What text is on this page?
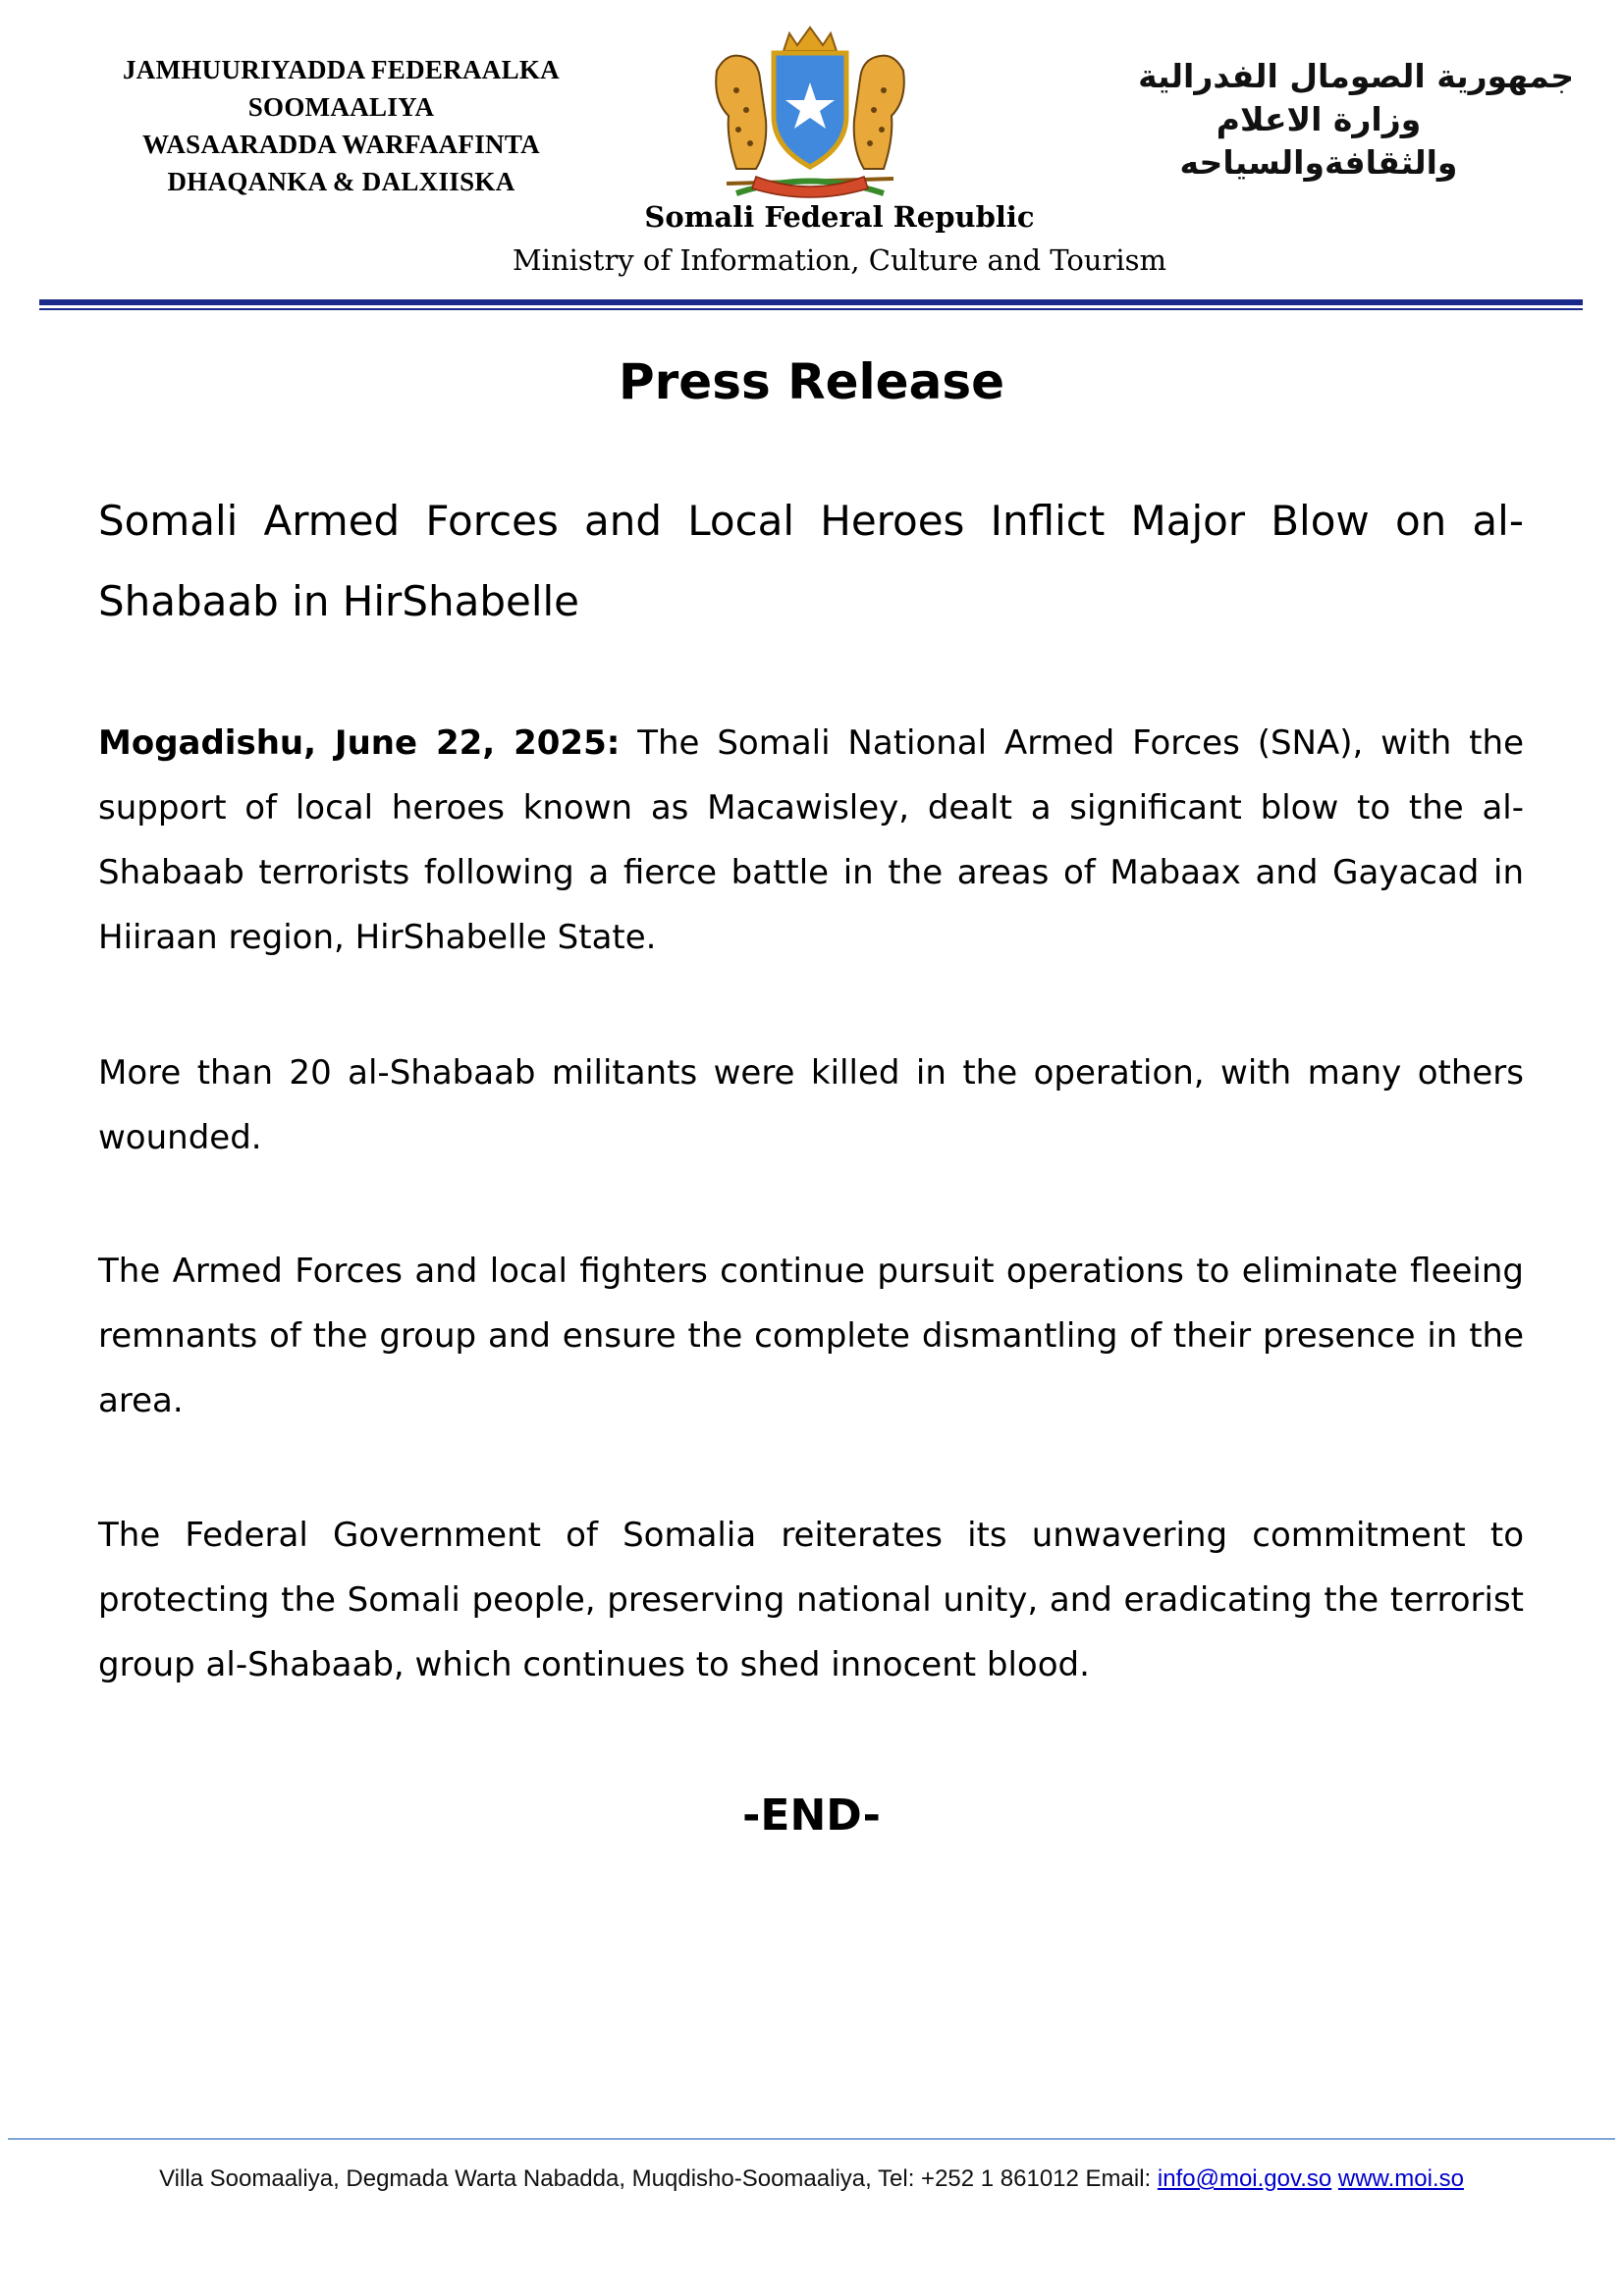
JAMHUURIYADDA FEDERAALKA
SOOMAALIYA
WASAARADDA WARFAAFINTA
DHAQANKA & DALXIISKA
جمهورية الصومال الفدرالية
وزارة الاعلام
والثقافةوالسياحه
Somali Federal Republic
Ministry of Information, Culture and Tourism
Press Release
Somali Armed Forces and Local Heroes Inflict Major Blow on al-Shabaab in HirShabelle
Mogadishu, June 22, 2025: The Somali National Armed Forces (SNA), with the support of local heroes known as Macawisley, dealt a significant blow to the al-Shabaab terrorists following a fierce battle in the areas of Mabaax and Gayacad in Hiiraan region, HirShabelle State.
More than 20 al-Shabaab militants were killed in the operation, with many others wounded.
The Armed Forces and local fighters continue pursuit operations to eliminate fleeing remnants of the group and ensure the complete dismantling of their presence in the area.
The Federal Government of Somalia reiterates its unwavering commitment to protecting the Somali people, preserving national unity, and eradicating the terrorist group al-Shabaab, which continues to shed innocent blood.
-END-
Villa Soomaaliya, Degmada Warta Nabadda, Muqdisho-Soomaaliya, Tel: +252 1 861012 Email: info@moi.gov.so www.moi.so
